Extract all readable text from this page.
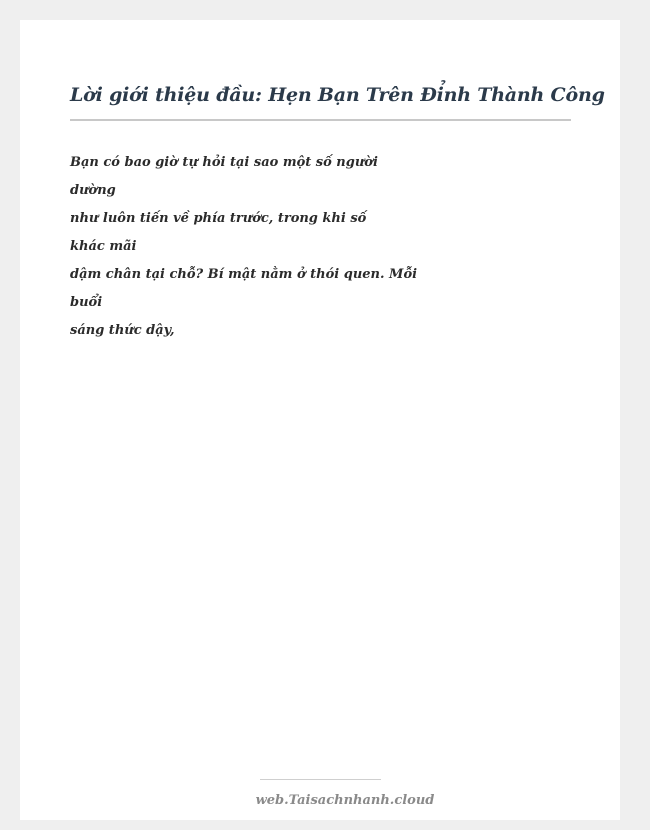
Lời giới thiệu đầu: Hẹn Bạn Trên Đỉnh Thành Công
Bạn có bao giờ tự hỏi tại sao một số người
dường
như luôn tiến về phía trước, trong khi số
khác mãi
dậm chân tại chỗ? Bí mật nằm ở thói quen. Mỗi
buổi
sáng thức dậy,
web.Taisachnhanh.cloud
